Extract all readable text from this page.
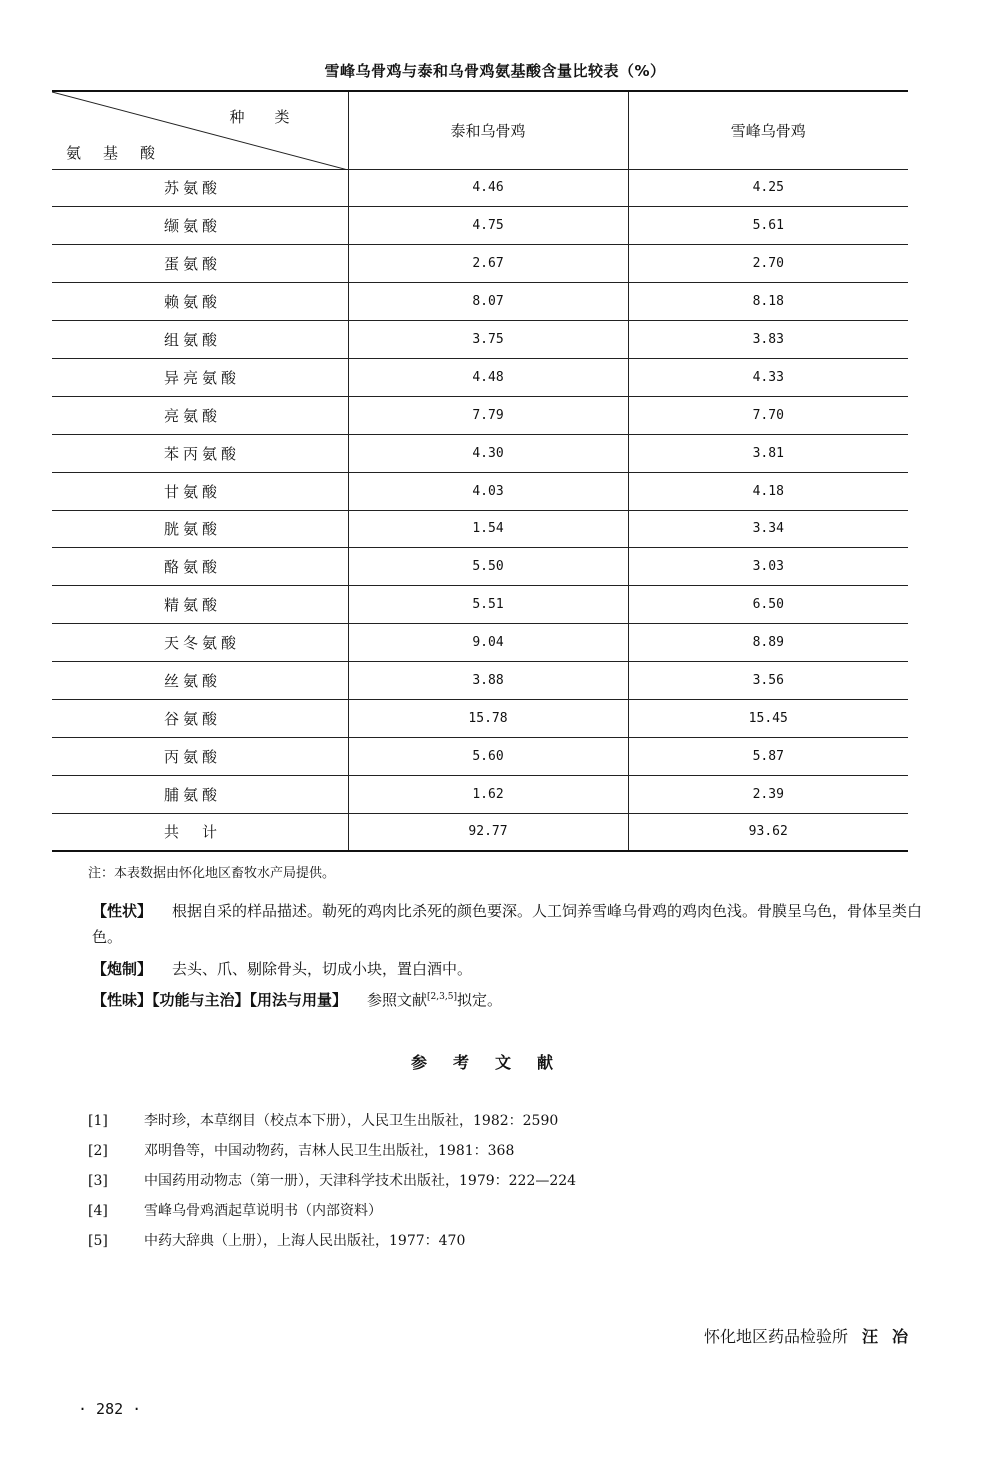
雪峰乌骨鸡与泰和乌骨鸡氨基酸含量比较表（%）
种类
氨基酸	泰和乌骨鸡	雪峰乌骨鸡
苏氨酸	4.46	4.25
缬氨酸	4.75	5.61
蛋氨酸	2.67	2.70
赖氨酸	8.07	8.18
组氨酸	3.75	3.83
异亮氨酸	4.48	4.33
亮氨酸	7.79	7.70
苯丙氨酸	4.30	3.81
甘氨酸	4.03	4.18
胱氨酸	1.54	3.34
酪氨酸	5.50	3.03
精氨酸	5.51	6.50
天冬氨酸	9.04	8.89
丝氨酸	3.88	3.56
谷氨酸	15.78	15.45
丙氨酸	5.60	5.87
脯氨酸	1.62	2.39
共　计	92.77	93.62
注：本表数据由怀化地区畜牧水产局提供。
【性状】 根据自采的样品描述。勒死的鸡肉比杀死的颜色要深。人工饲养雪峰乌骨鸡的鸡肉色浅。骨膜呈乌色，骨体呈类白色。
【炮制】 去头、爪、剔除骨头，切成小块，置白酒中。
【性味】【功能与主治】【用法与用量】 参照文献[2,3,5]拟定。
参考文献
[1]	李时珍，本草纲目（校点本下册），人民卫生出版社，1982：2590
[2]	邓明鲁等，中国动物药，吉林人民卫生出版社，1981：368
[3]	中国药用动物志（第一册），天津科学技术出版社，1979：222—224
[4]	雪峰乌骨鸡酒起草说明书（内部资料）
[5]	中药大辞典（上册），上海人民出版社，1977：470
怀化地区药品检验所 汪冶
· 282 ·
